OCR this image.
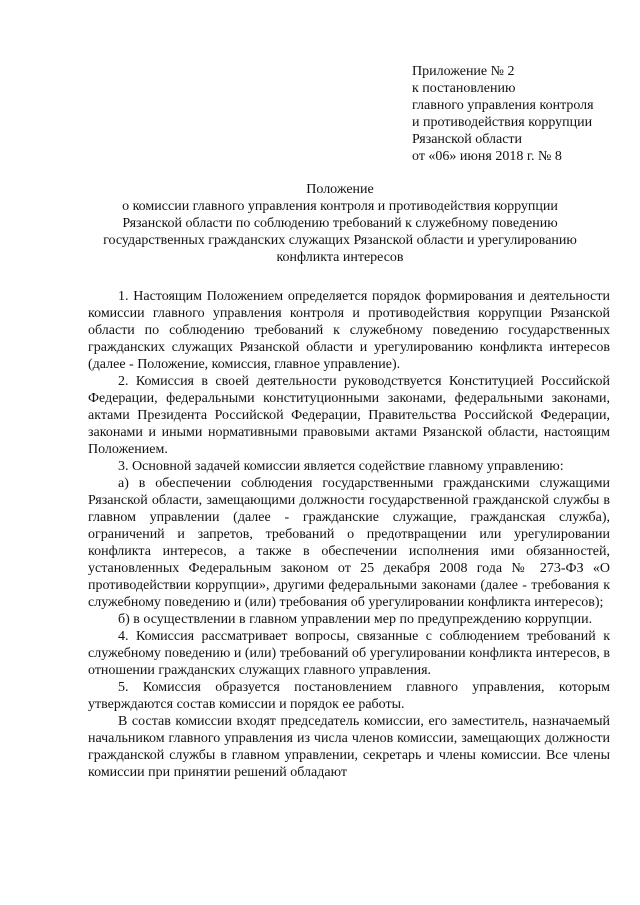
Приложение № 2
к постановлению
главного управления контроля
и противодействия коррупции
Рязанской области
от «06» июня 2018 г. № 8
Положение
о комиссии главного управления контроля и противодействия коррупции
Рязанской области по соблюдению требований к служебному поведению
государственных гражданских служащих Рязанской области и урегулированию
конфликта интересов

1. Настоящим Положением определяется порядок формирования и деятельности комиссии главного управления контроля и противодействия коррупции Рязанской области по соблюдению требований к служебному поведению государственных гражданских служащих Рязанской области и урегулированию конфликта интересов (далее - Положение, комиссия, главное управление).

2. Комиссия в своей деятельности руководствуется Конституцией Российской Федерации, федеральными конституционными законами, федеральными законами, актами Президента Российской Федерации, Правительства Российской Федерации, законами и иными нормативными правовыми актами Рязанской области, настоящим Положением.

3. Основной задачей комиссии является содействие главному управлению:

а) в обеспечении соблюдения государственными гражданскими служащими Рязанской области, замещающими должности государственной гражданской службы в главном управлении (далее - гражданские служащие, гражданская служба), ограничений и запретов, требований о предотвращении или урегулировании конфликта интересов, а также в обеспечении исполнения ими обязанностей, установленных Федеральным законом от 25 декабря 2008 года № 273-ФЗ «О противодействии коррупции», другими федеральными законами (далее - требования к служебному поведению и (или) требования об урегулировании конфликта интересов);

б) в осуществлении в главном управлении мер по предупреждению коррупции.

4. Комиссия рассматривает вопросы, связанные с соблюдением требований к служебному поведению и (или) требований об урегулировании конфликта интересов, в отношении гражданских служащих главного управления.

5. Комиссия образуется постановлением главного управления, которым утверждаются состав комиссии и порядок ее работы.

В состав комиссии входят председатель комиссии, его заместитель, назначаемый начальником главного управления из числа членов комиссии, замещающих должности гражданской службы в главном управлении, секретарь и члены комиссии. Все члены комиссии при принятии решений обладают
